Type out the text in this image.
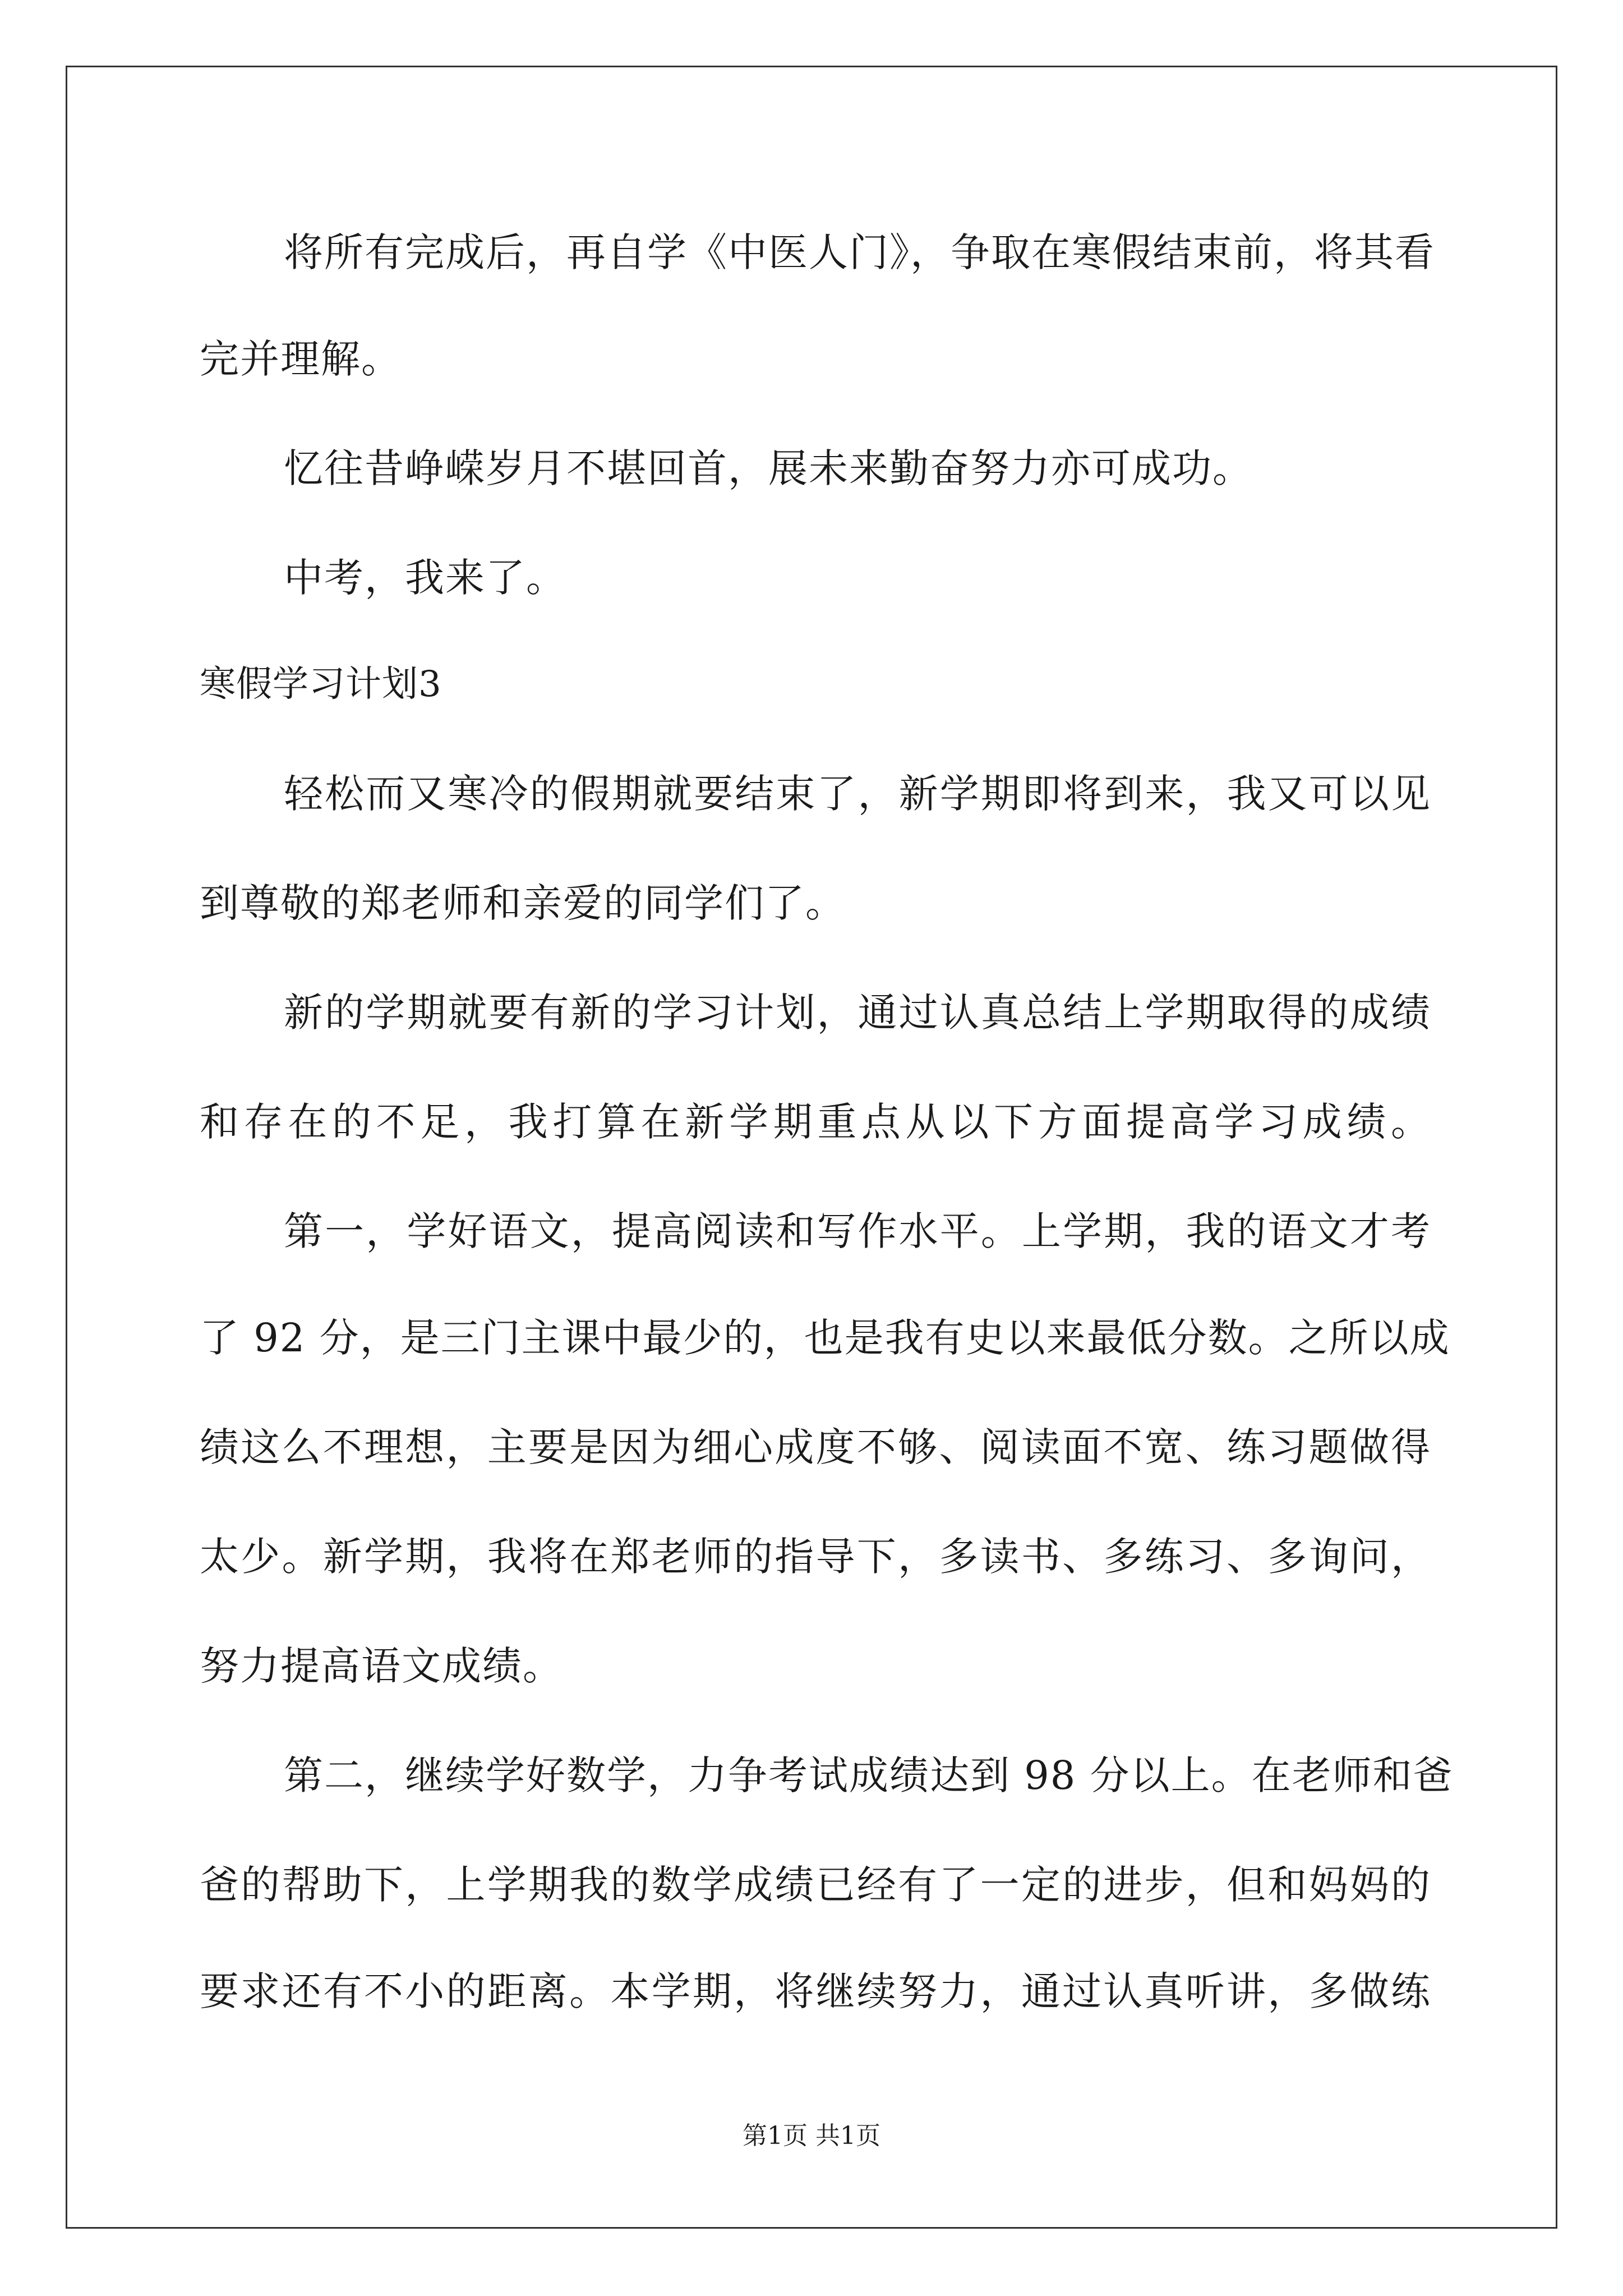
将所有完成后，再自学《中医人门》，争取在寒假结束前，将其看
完并理解。
忆往昔峥嵘岁月不堪回首，展未来勤奋努力亦可成功。
中考，我来了。
寒假学习计划3
轻松而又寒冷的假期就要结束了，新学期即将到来，我又可以见
到尊敬的郑老师和亲爱的同学们了。
新的学期就要有新的学习计划，通过认真总结上学期取得的成绩
和存在的不足，我打算在新学期重点从以下方面提高学习成绩。
第一，学好语文，提高阅读和写作水平。上学期，我的语文才考
了 92 分，是三门主课中最少的，也是我有史以来最低分数。之所以成
绩这么不理想，主要是因为细心成度不够、阅读面不宽、练习题做得
太少。新学期，我将在郑老师的指导下，多读书、多练习、多询问，
努力提高语文成绩。
第二，继续学好数学，力争考试成绩达到 98 分以上。在老师和爸
爸的帮助下，上学期我的数学成绩已经有了一定的进步，但和妈妈的
要求还有不小的距离。本学期，将继续努力，通过认真听讲，多做练
第1页 共1页
